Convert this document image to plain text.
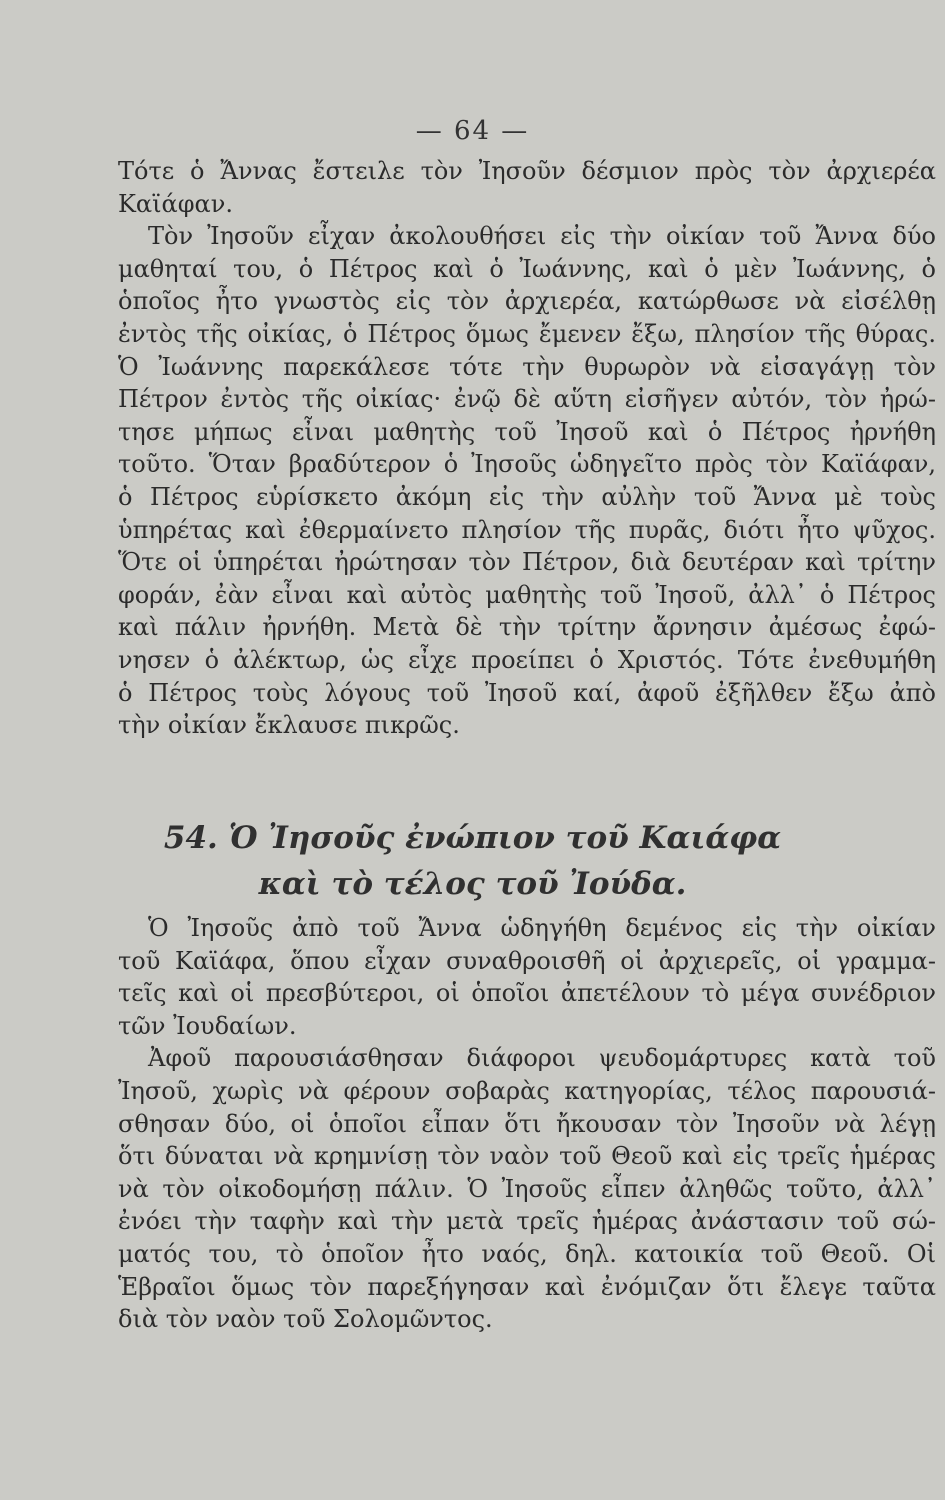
— 64 —
Τότε ὁ Ἄννας ἔστειλε τὸν Ἰησοῦν δέσμιον πρὸς τὸν ἀρχιερέα
Καϊάφαν.
Τὸν Ἰησοῦν εἶχαν ἀκολουθήσει εἰς τὴν οἰκίαν τοῦ Ἄννα δύο
μαθηταί του, ὁ Πέτρος καὶ ὁ Ἰωάννης, καὶ ὁ μὲν Ἰωάννης, ὁ
ὁποῖος ἦτο γνωστὸς εἰς τὸν ἀρχιερέα, κατώρθωσε νὰ εἰσέλθῃ
ἐντὸς τῆς οἰκίας, ὁ Πέτρος ὅμως ἔμενεν ἔξω, πλησίον τῆς θύρας.
Ὁ Ἰωάννης παρεκάλεσε τότε τὴν θυρωρὸν νὰ εἰσαγάγῃ τὸν
Πέτρον ἐντὸς τῆς οἰκίας· ἐνῷ δὲ αὕτη εἰσῆγεν αὐτόν, τὸν ἠρώ-
τησε μήπως εἶναι μαθητὴς τοῦ Ἰησοῦ καὶ ὁ Πέτρος ἠρνήθη
τοῦτο. Ὅταν βραδύτερον ὁ Ἰησοῦς ὡδηγεῖτο πρὸς τὸν Καϊάφαν,
ὁ Πέτρος εὑρίσκετο ἀκόμη εἰς τὴν αὐλὴν τοῦ Ἄννα μὲ τοὺς
ὑπηρέτας καὶ ἐθερμαίνετο πλησίον τῆς πυρᾶς, διότι ἦτο ψῦχος.
Ὅτε οἱ ὑπηρέται ἠρώτησαν τὸν Πέτρον, διὰ δευτέραν καὶ τρίτην
φοράν, ἐὰν εἶναι καὶ αὐτὸς μαθητὴς τοῦ Ἰησοῦ, ἀλλ᾿ ὁ Πέτρος
καὶ πάλιν ἠρνήθη. Μετὰ δὲ τὴν τρίτην ἄρνησιν ἀμέσως ἐφώ-
νησεν ὁ ἀλέκτωρ, ὡς εἶχε προείπει ὁ Χριστός. Τότε ἐνεθυμήθη
ὁ Πέτρος τοὺς λόγους τοῦ Ἰησοῦ καί, ἀφοῦ ἐξῆλθεν ἔξω ἀπὸ
τὴν οἰκίαν ἔκλαυσε πικρῶς.
54. Ὁ Ἰησοῦς ἐνώπιον τοῦ Καιάφα
καὶ τὸ τέλος τοῦ Ἰούδα.
Ὁ Ἰησοῦς ἀπὸ τοῦ Ἄννα ὡδηγήθη δεμένος εἰς τὴν οἰκίαν
τοῦ Καϊάφα, ὅπου εἶχαν συναθροισθῆ οἱ ἀρχιερεῖς, οἱ γραμμα-
τεῖς καὶ οἱ πρεσβύτεροι, οἱ ὁποῖοι ἀπετέλουν τὸ μέγα συνέδριον
τῶν Ἰουδαίων.
Ἀφοῦ παρουσιάσθησαν διάφοροι ψευδομάρτυρες κατὰ τοῦ
Ἰησοῦ, χωρὶς νὰ φέρουν σοβαρὰς κατηγορίας, τέλος παρουσιά-
σθησαν δύο, οἱ ὁποῖοι εἶπαν ὅτι ἤκουσαν τὸν Ἰησοῦν νὰ λέγῃ
ὅτι δύναται νὰ κρημνίσῃ τὸν ναὸν τοῦ Θεοῦ καὶ εἰς τρεῖς ἡμέρας
νὰ τὸν οἰκοδομήσῃ πάλιν. Ὁ Ἰησοῦς εἶπεν ἀληθῶς τοῦτο, ἀλλ᾿
ἐνόει τὴν ταφὴν καὶ τὴν μετὰ τρεῖς ἡμέρας ἀνάστασιν τοῦ σώ-
ματός του, τὸ ὁποῖον ἦτο ναός, δηλ. κατοικία τοῦ Θεοῦ. Οἱ
Ἑβραῖοι ὅμως τὸν παρεξήγησαν καὶ ἐνόμιζαν ὅτι ἔλεγε ταῦτα
διὰ τὸν ναὸν τοῦ Σολομῶντος.
